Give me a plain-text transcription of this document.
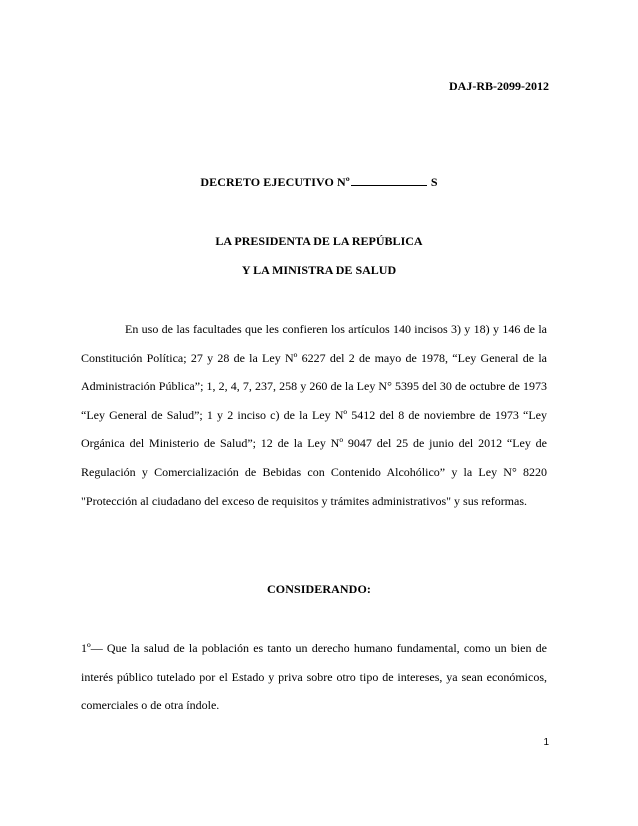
DAJ-RB-2099-2012
DECRETO EJECUTIVO Nº	S
LA PRESIDENTA DE LA REPÚBLICA
Y LA MINISTRA DE SALUD
En uso de las facultades que les confieren los artículos 140 incisos 3) y 18) y 146 de la Constitución Política; 27 y 28 de la Ley Nº 6227 del 2 de mayo de 1978, “Ley General de la Administración Pública”; 1, 2, 4, 7, 237, 258 y 260 de la Ley N° 5395 del 30 de octubre de 1973 “Ley General de Salud”; 1 y 2 inciso c) de la Ley Nº 5412 del 8 de noviembre de 1973 “Ley Orgánica del Ministerio de Salud”; 12 de la Ley Nº 9047 del 25 de junio del 2012 “Ley de Regulación y Comercialización de Bebidas con Contenido Alcohólico” y la Ley N° 8220 "Protección al ciudadano del exceso de requisitos y trámites administrativos" y sus reformas.
CONSIDERANDO:
1º— Que la salud de la población es tanto un derecho humano fundamental, como un bien de interés público tutelado por el Estado y priva sobre otro tipo de intereses, ya sean económicos, comerciales o de otra índole.
1
